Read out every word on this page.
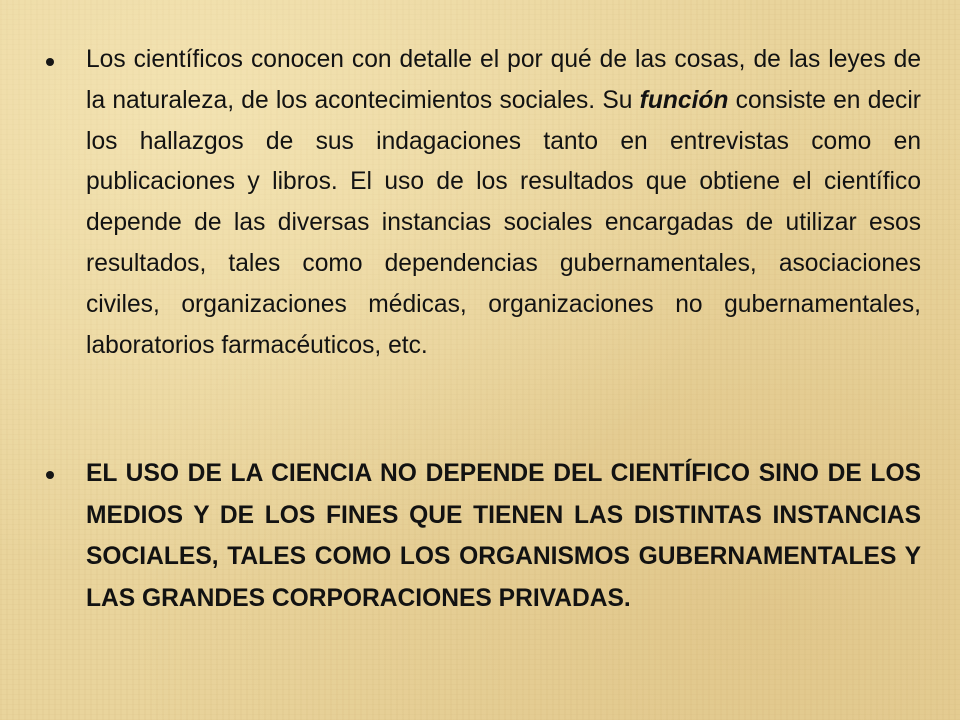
Los científicos conocen con detalle el por qué de las cosas, de las leyes de la naturaleza, de los acontecimientos sociales. Su función consiste en decir los hallazgos de sus indagaciones tanto en entrevistas como en publicaciones y libros. El uso de los resultados que obtiene el científico depende de las diversas instancias sociales encargadas de utilizar esos resultados, tales como dependencias gubernamentales, asociaciones civiles, organizaciones médicas, organizaciones no gubernamentales, laboratorios farmacéuticos, etc.
EL USO DE LA CIENCIA NO DEPENDE DEL CIENTÍFICO SINO DE LOS MEDIOS Y DE LOS FINES QUE TIENEN LAS DISTINTAS INSTANCIAS SOCIALES, TALES COMO LOS ORGANISMOS GUBERNAMENTALES Y LAS GRANDES CORPORACIONES PRIVADAS.
